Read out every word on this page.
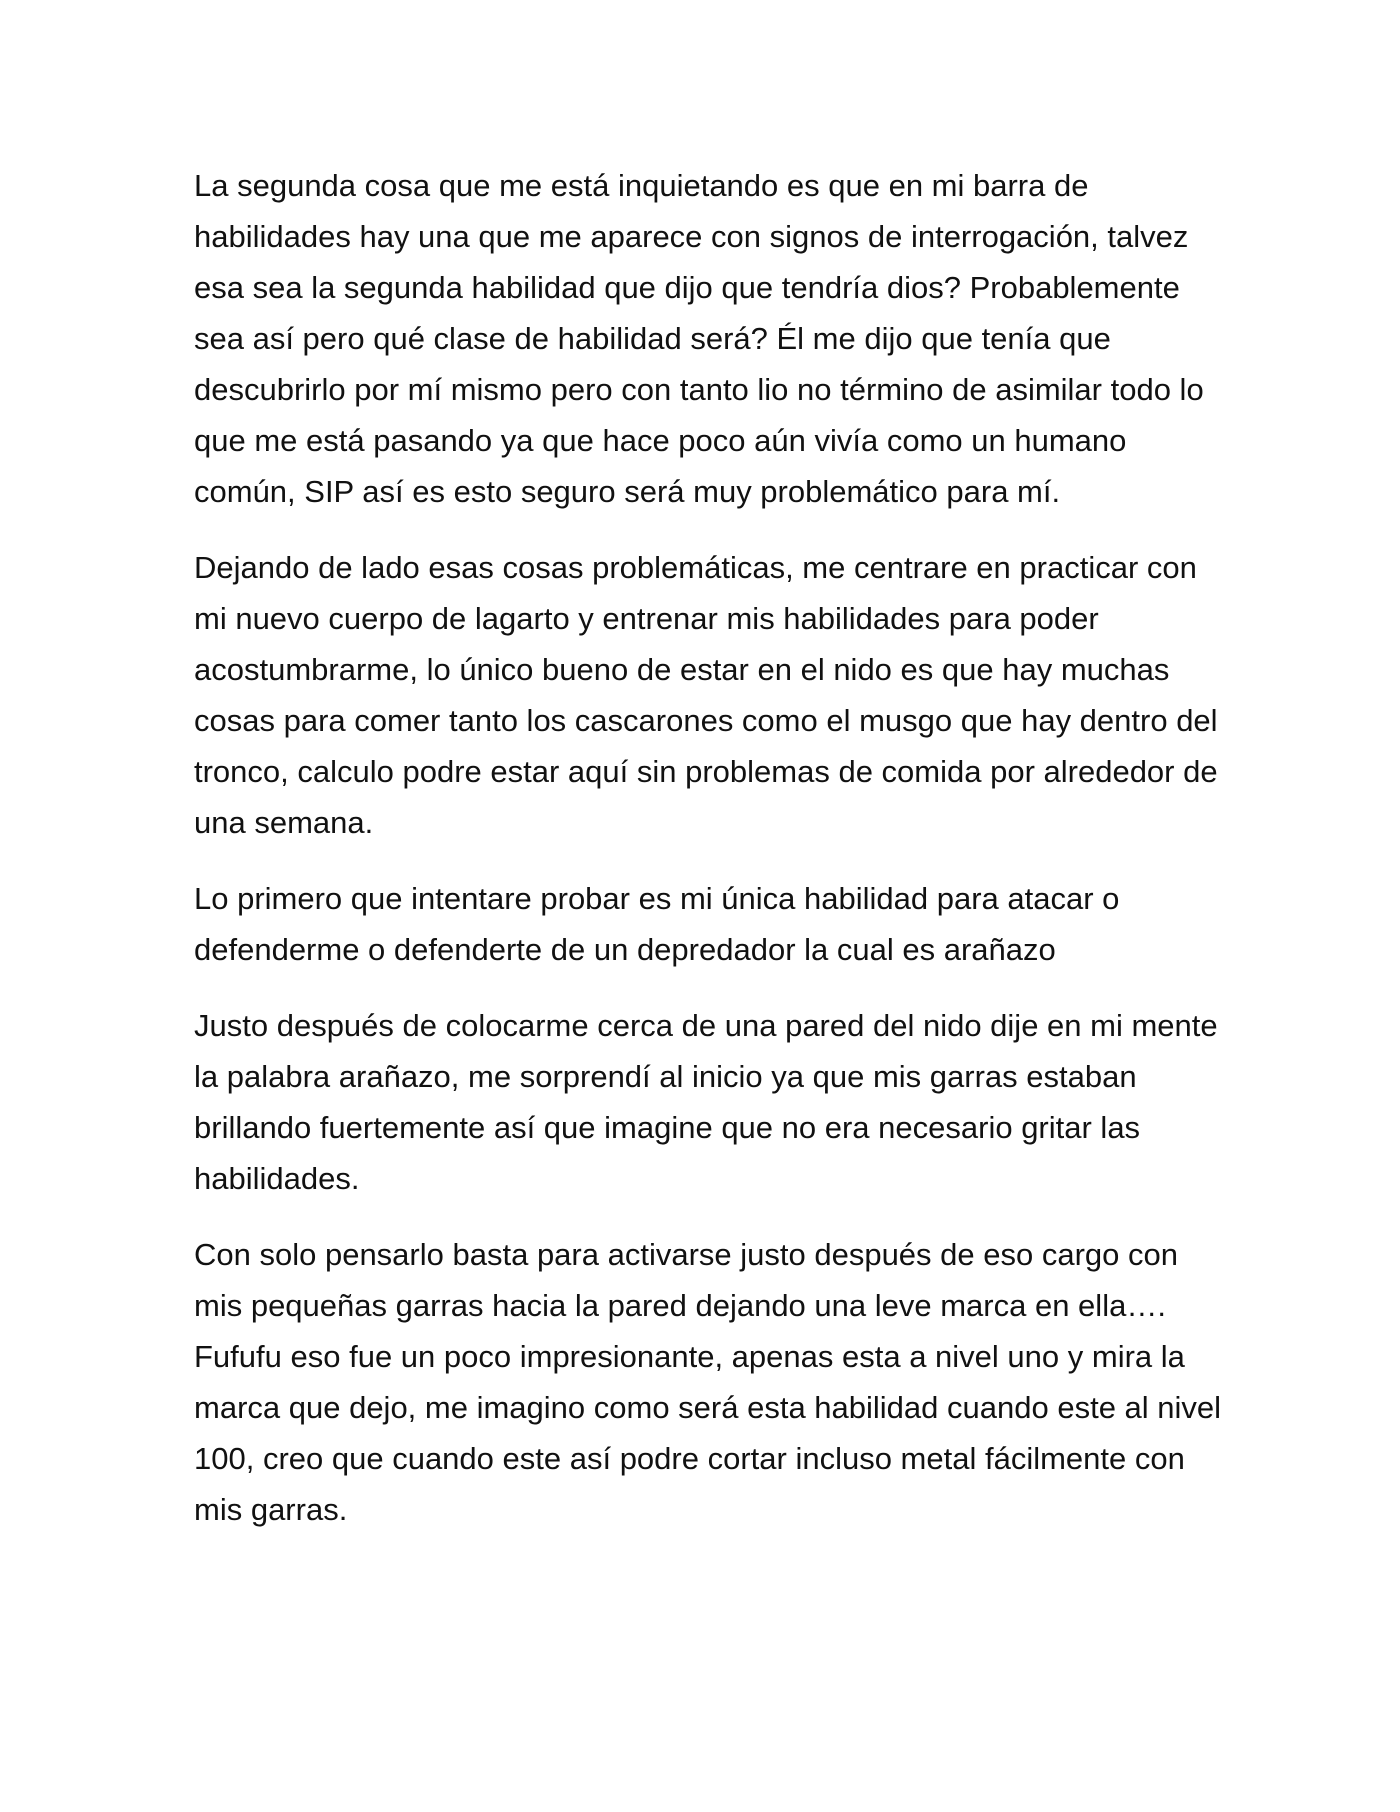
La segunda cosa que me está inquietando es que en mi barra de habilidades hay una que me aparece con signos de interrogación, talvez esa sea la segunda habilidad que dijo que tendría dios? Probablemente sea así pero qué clase de habilidad será? Él me dijo que tenía que descubrirlo por mí mismo pero con tanto lio no término de asimilar todo lo que me está pasando ya que hace poco aún vivía como un humano común, SIP así es esto seguro será muy problemático para mí.

Dejando de lado esas cosas problemáticas, me centrare en practicar con mi nuevo cuerpo de lagarto y entrenar mis habilidades para poder acostumbrarme, lo único bueno de estar en el nido es que hay muchas cosas para comer tanto los cascarones como el musgo que hay dentro del tronco, calculo podre estar aquí sin problemas de comida por alrededor de una semana.

Lo primero que intentare probar es mi única habilidad para atacar o defenderme o defenderte de un depredador la cual es arañazo

Justo después de colocarme cerca de una pared del nido dije en mi mente la palabra arañazo, me sorprendí al inicio ya que mis garras estaban brillando fuertemente así que imagine que no era necesario gritar las habilidades.

Con solo pensarlo basta para activarse justo después de eso cargo con mis pequeñas garras hacia la pared dejando una leve marca en ella…. Fufufu eso fue un poco impresionante, apenas esta a nivel uno y mira la marca que dejo, me imagino como será esta habilidad cuando este al nivel 100, creo que cuando este así podre cortar incluso metal fácilmente con mis garras.
